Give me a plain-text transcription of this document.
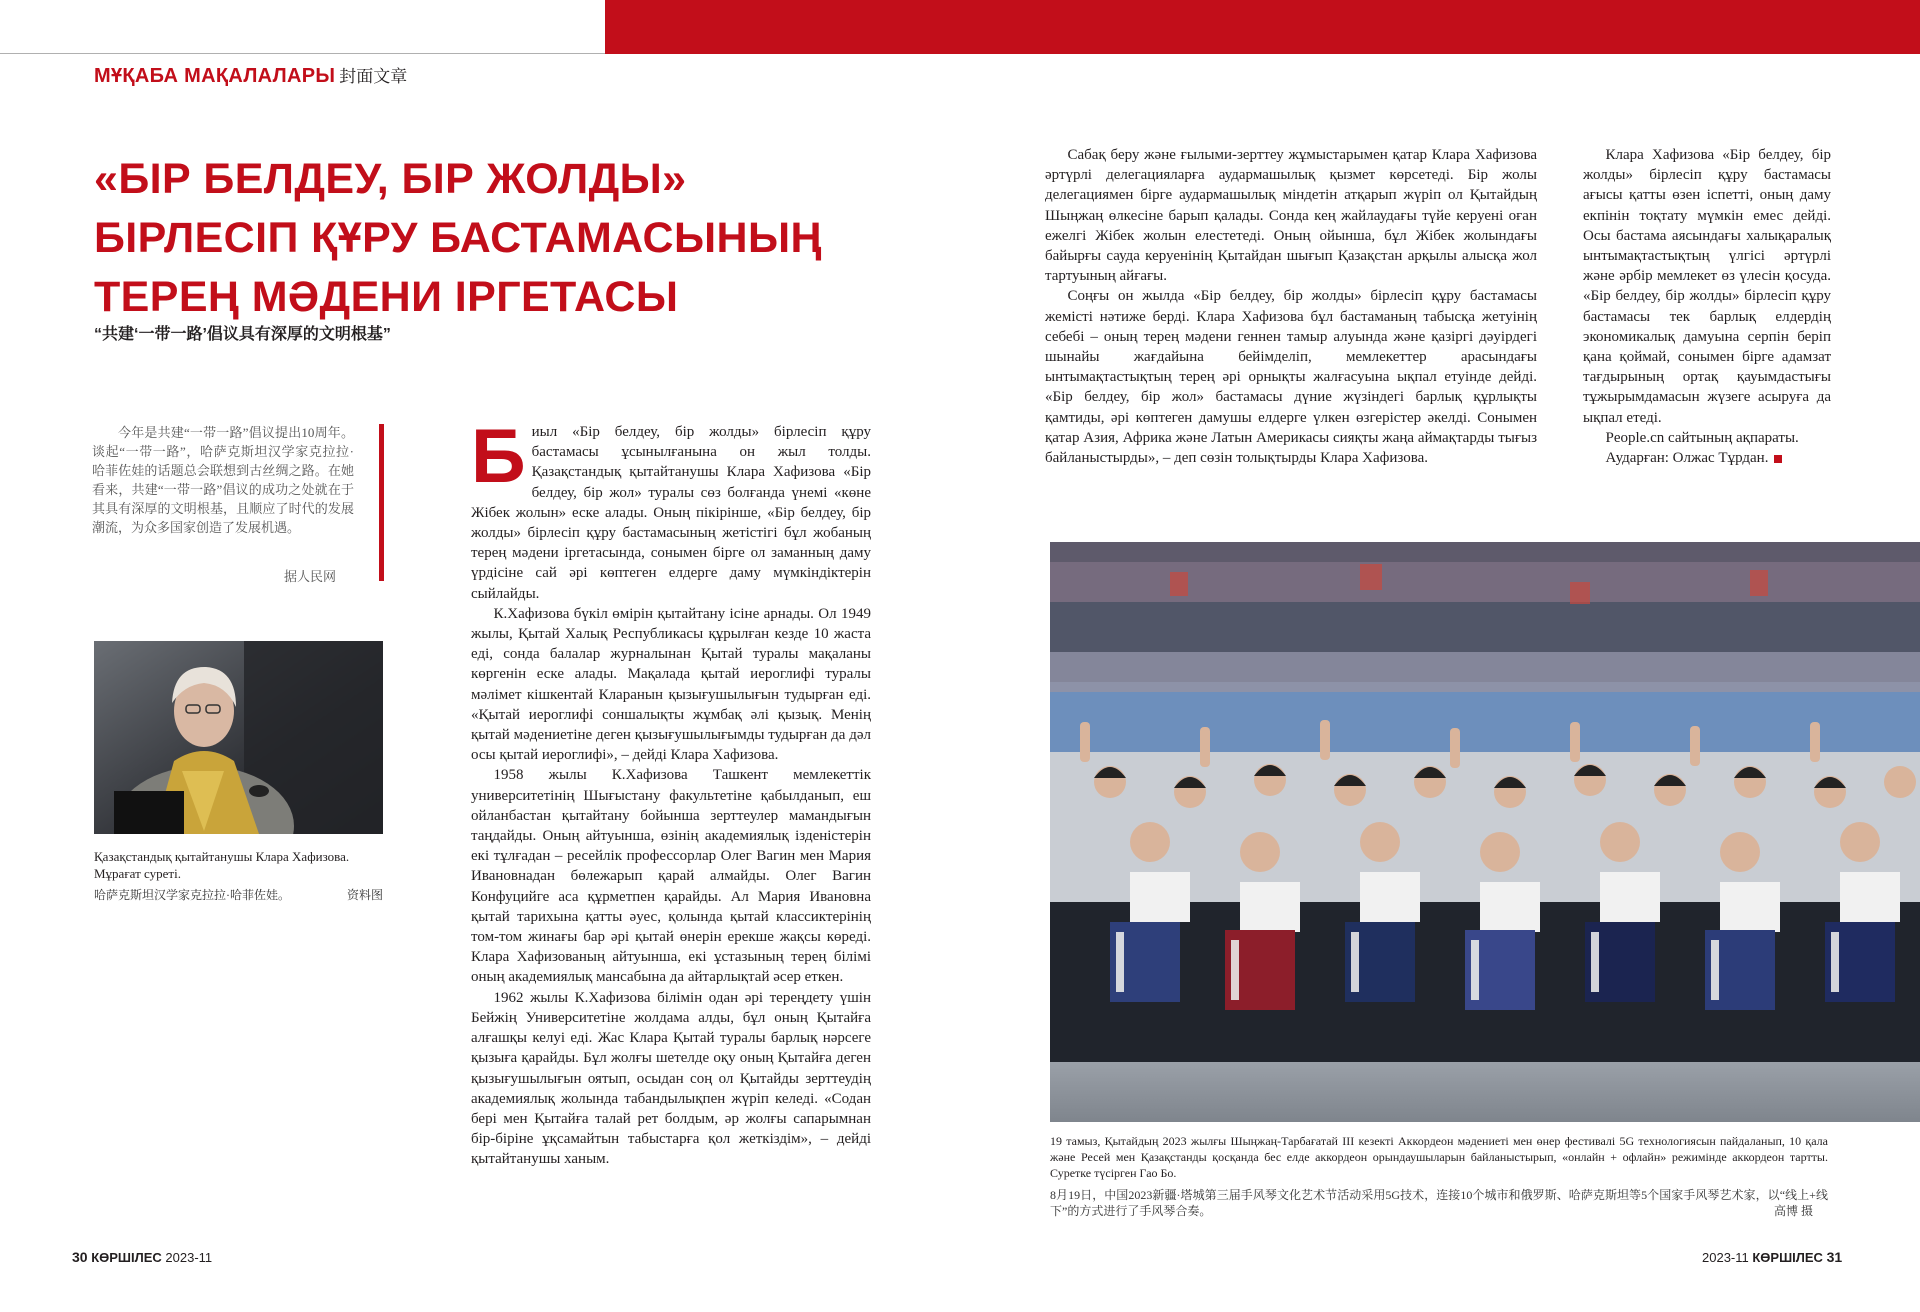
МҰҚАБА МАҚАЛАЛАРЫ 封面文章
«БІР БЕЛДЕУ, БІР ЖОЛДЫ»
БІРЛЕСІП ҚҰРУ БАСТАМАСЫНЫҢ
ТЕРЕҢ МӘДЕНИ ІРГЕТАСЫ
“共建‘一带一路’倡议具有深厚的文明根基”
今年是共建“一带一路”倡议提出10周年。谈起“一带一路”，哈萨克斯坦汉学家克拉拉·哈菲佐娃的话题总会联想到古丝绸之路。在她看来，共建“一带一路”倡议的成功之处就在于其具有深厚的文明根基，且顺应了时代的发展潮流，为众多国家创造了发展机遇。
据人民网
Қазақстандық қытайтанушы Клара Хафизова. Мұрағат суреті.
哈萨克斯坦汉学家克拉拉·哈菲佐娃。	资料图
Б иыл «Бір белдеу, бір жолды» бірлесіп құру бастамасы ұсынылғанына он жыл толды. Қазақстандық қытайтанушы Клара Хафизова «Бір белдеу, бір жол» туралы сөз болғанда үнемі «көне Жібек жолын» еске алады. Оның пікірінше, «Бір белдеу, бір жолды» бірлесіп құру бастамасының жетістігі бұл жобаның терең мәдени іргетасында, сонымен бірге ол заманның даму үрдісіне сай әрі көптеген елдерге даму мүмкіндіктерін сыйлайды.

К.Хафизова бүкіл өмірін қытайтану ісіне арнады. Ол 1949 жылы, Қытай Халық Республикасы құрылған кезде 10 жаста еді, сонда балалар журналынан Қытай туралы мақаланы көргенін еске алады. Мақалада қытай иероглифі туралы мәлімет кішкентай Кларанын қызығушылығын тудырған еді. «Қытай иероглифі соншалықты жұмбақ әлі қызық. Менің қытай мәдениетіне деген қызығушылығымды тудырған да дәл осы қытай иероглифі», – дейді Клара Хафизова.

1958 жылы К.Хафизова Ташкент мемлекеттік университетінің Шығыстану факультетіне қабылданып, еш ойланбастан қытайтану бойынша зерттеулер мамандығын таңдайды. Оның айтуынша, өзінің академиялық ізденістерін екі тұлғадан – ресейлік профессорлар Олег Вагин мен Мария Ивановнадан бөлежарып қарай алмайды. Олег Вагин Конфуцийге аса құрметпен қарайды. Ал Мария Ивановна қытай тарихына қатты әуес, қолында қытай классиктерінің том-том жинағы бар әрі қытай өнерін ерекше жақсы көреді. Клара Хафизованың айтуынша, екі ұстазының терең білімі оның академиялық мансабына да айтарлықтай әсер еткен.

1962 жылы К.Хафизова білімін одан әрі тереңдету үшін Бейжің Университетіне жолдама алды, бұл оның Қытайға алғашқы келуі еді. Жас Клара Қытай туралы барлық нәрсеге қызыға қарайды. Бұл жолғы шетелде оқу оның Қытайға деген қызығушылығын оятып, осыдан соң ол Қытайды зерттеудің академиялық жолында табандылықпен жүріп келеді. «Содан бері мен Қытайға талай рет болдым, әр жолғы сапарымнан бір-біріне ұқсамайтын табыстарға қол жеткіздім», – дейді қытайтанушы ханым.

Сабақ беру және ғылыми-зерттеу жұмыстарымен қатар Клара Хафизова әртүрлі делегацияларға аудармашылық қызмет көрсетеді. Бір жолы делегациямен бірге аудармашылық міндетін атқарып жүріп ол Қытайдың Шыңжаң өлкесіне барып қалады. Сонда кең жайлаудағы түйе керуені оған ежелгі Жібек жолын елестетеді. Оның ойынша, бұл Жібек жолындағы байырғы сауда керуенінің Қытайдан шығып Қазақстан арқылы алысқа жол тартуының айғағы.

Соңғы он жылда «Бір белдеу, бір жолды» бірлесіп құру бастамасы жемісті нәтиже берді. Клара Хафизова бұл бастаманың табысқа жетуінің себебі – оның терең мәдени геннен тамыр алуында және қазіргі дәуірдегі шынайы жағдайына бейімделіп, мемлекеттер арасындағы ынтымақтастықтың терең әрі орнықты жалғасуына ықпал етуінде дейді. «Бір белдеу, бір жол» бастамасы дүние жүзіндегі барлық құрлықты қамтиды, әрі көптеген дамушы елдерге үлкен өзгерістер әкелді. Сонымен қатар Азия, Африка және Латын Америкасы сияқты жаңа аймақтарды тығыз байланыстырды», – деп сөзін толықтырды Клара Хафизова.

Клара Хафизова «Бір белдеу, бір жолды» бірлесіп құру бастамасы ағысы қатты өзен іспетті, оның даму екпінін тоқтату мүмкін емес дейді. Осы бастама аясындағы халықаралық ынтымақтастықтың үлгісі әртүрлі және әрбір мемлекет өз үлесін қосуда. «Бір белдеу, бір жолды» бірлесіп құру бастамасы тек барлық елдердің экономикалық дамуына серпін беріп қана қоймай, сонымен бірге адамзат тағдырының ортақ қауымдастығы тұжырымдамасын жүзеге асыруға да ықпал етеді.

People.cn сайтының ақпараты.

Аударған: Олжас Тұрдан.

19 тамыз, Қытайдың 2023 жылғы Шыңжаң-Тарбағатай ІІІ кезекті Аккордеон мәдениеті мен өнер фестивалі 5G технологиясын пайдаланып, 10 қала және Ресей мен Қазақстанды қосқанда бес елде аккордеон орындаушыларын байланыстырып, «онлайн + офлайн» режимінде аккордеон тартты. Суретке түсірген Гао Бо.
8月19日，中国2023新疆·塔城第三届手风琴文化艺术节活动采用5G技术，连接10个城市和俄罗斯、哈萨克斯坦等5个国家手风琴艺术家，以“线上+线下”的方式进行了手风琴合奏。	高博 摄
30 КӨРШІЛЕС 2023-11	2023-11 КӨРШІЛЕС 31
